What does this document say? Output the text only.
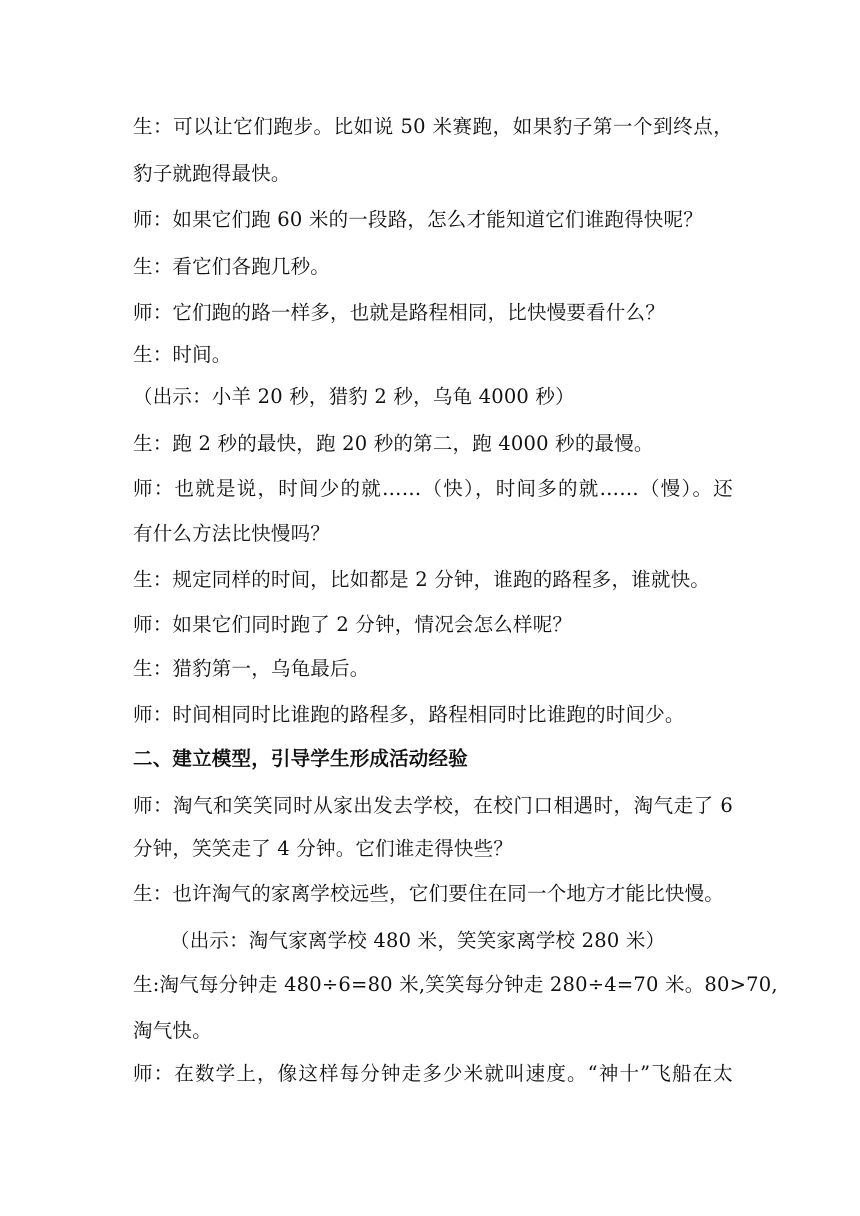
生：可以让它们跑步。比如说 50 米赛跑，如果豹子第一个到终点，
豹子就跑得最快。
师：如果它们跑 60 米的一段路，怎么才能知道它们谁跑得快呢？
生：看它们各跑几秒。
师：它们跑的路一样多，也就是路程相同，比快慢要看什么？
生：时间。
（出示：小羊 20 秒，猎豹 2 秒，乌龟 4000 秒）
生：跑 2 秒的最快，跑 20 秒的第二，跑 4000 秒的最慢。
师：也就是说，时间少的就……（快），时间多的就……（慢）。还
有什么方法比快慢吗？
生：规定同样的时间，比如都是 2 分钟，谁跑的路程多，谁就快。
师：如果它们同时跑了 2 分钟，情况会怎么样呢？
生：猎豹第一，乌龟最后。
师：时间相同时比谁跑的路程多，路程相同时比谁跑的时间少。
二、建立模型，引导学生形成活动经验
师：淘气和笑笑同时从家出发去学校，在校门口相遇时，淘气走了 6
分钟，笑笑走了 4 分钟。它们谁走得快些？
生：也许淘气的家离学校远些，它们要住在同一个地方才能比快慢。
（出示：淘气家离学校 480 米，笑笑家离学校 280 米）
生:淘气每分钟走 480÷6=80 米,笑笑每分钟走 280÷4=70 米。80>70,
淘气快。
师：在数学上，像这样每分钟走多少米就叫速度。“神十”飞船在太
